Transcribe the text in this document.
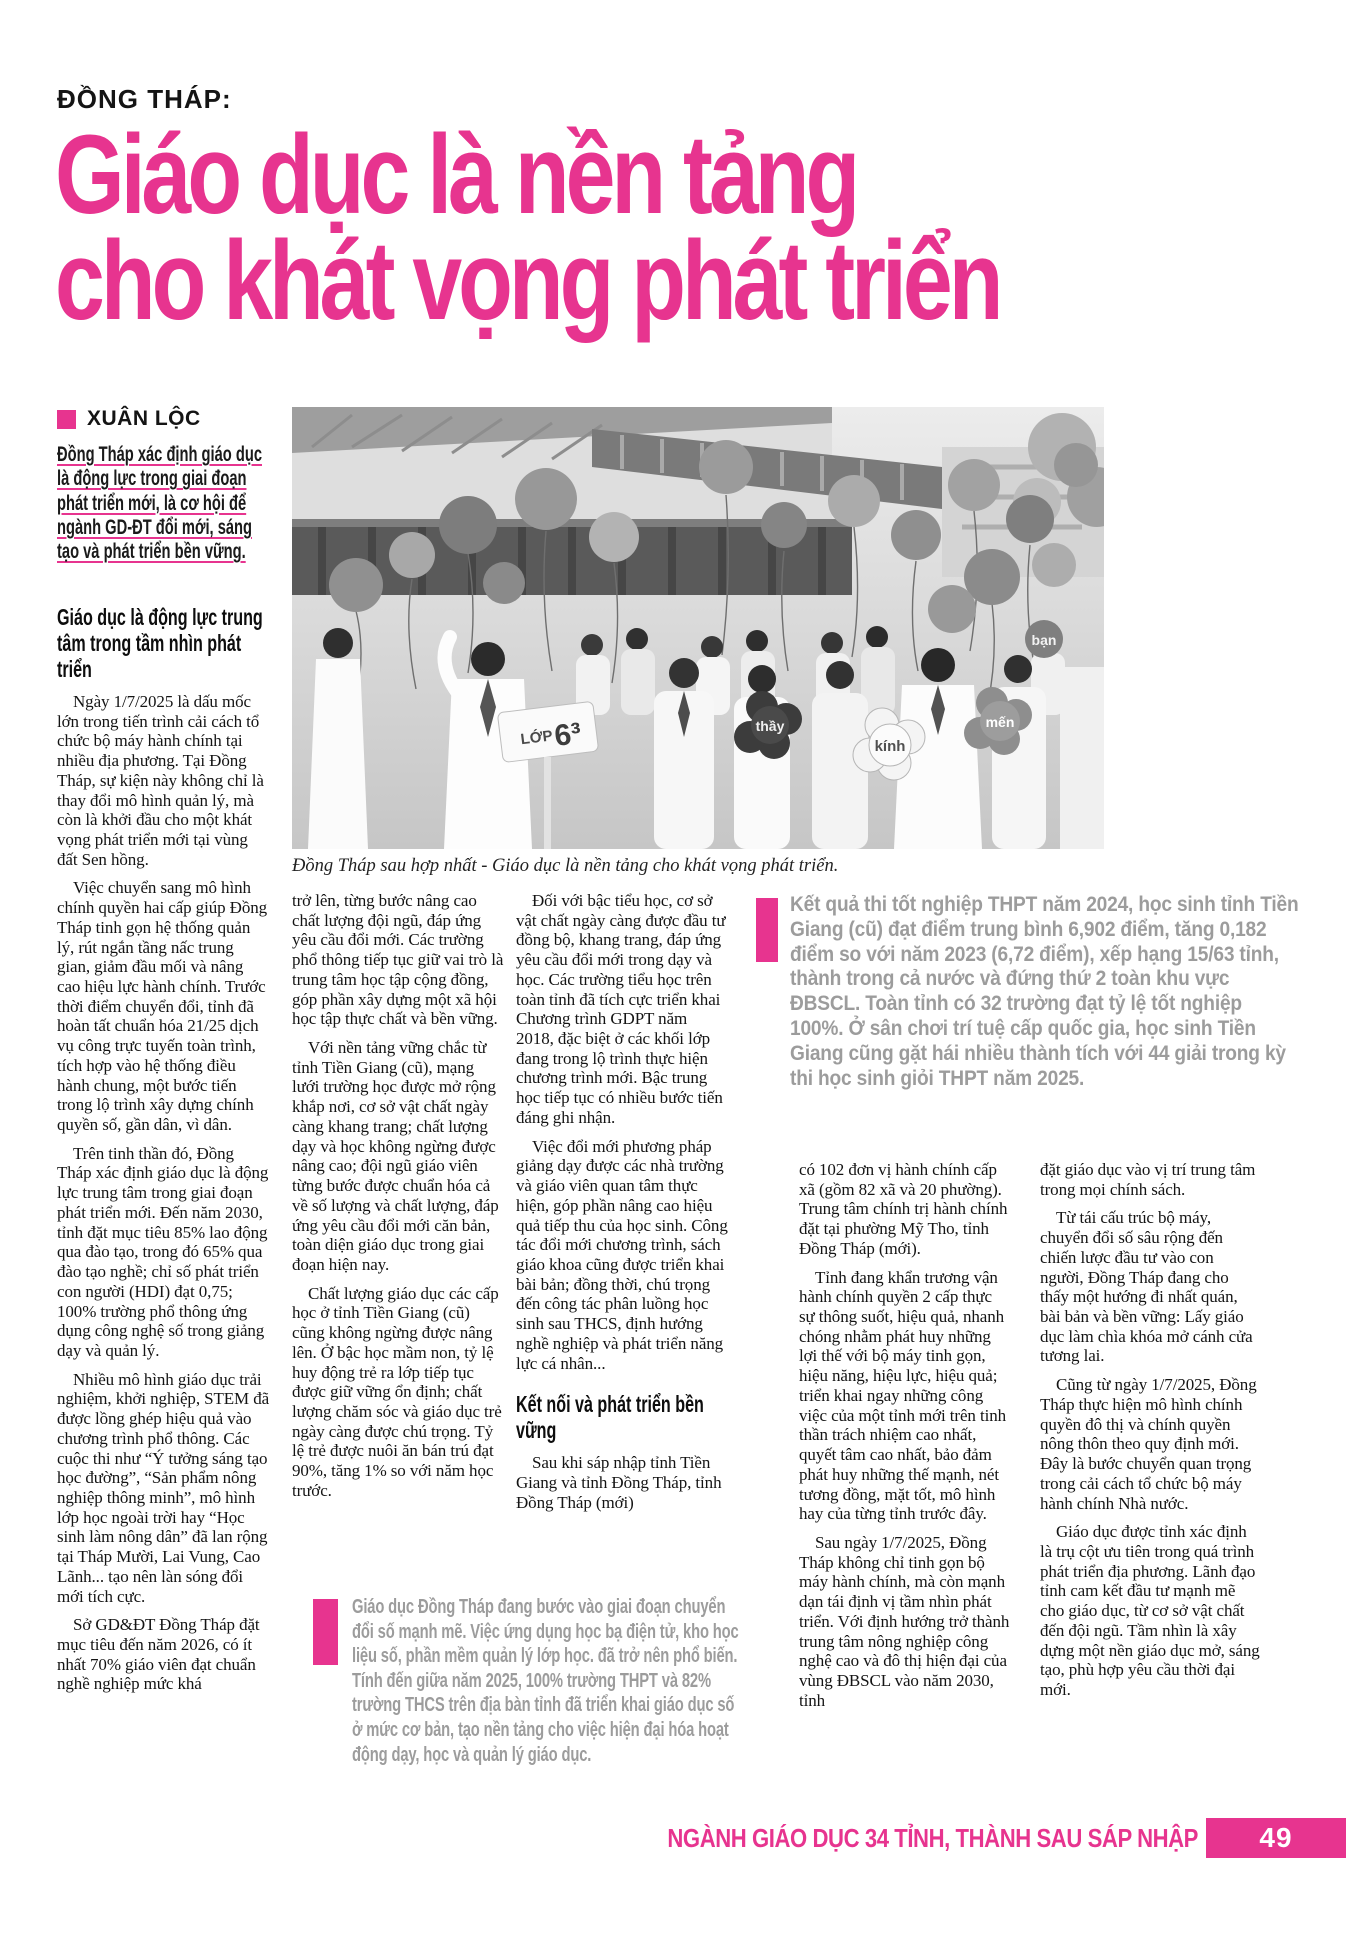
ĐỒNG THÁP:
Giáo dục là nền tảng
cho khát vọng phát triển
XUÂN LỘC
Đồng Tháp xác định giáo dục là động lực trong giai đoạn phát triển mới, là cơ hội để ngành GD-ĐT đổi mới, sáng tạo và phát triển bền vững.
Giáo dục là động lực trung tâm trong tầm nhìn phát triển

Ngày 1/7/2025 là dấu mốc lớn trong tiến trình cải cách tổ chức bộ máy hành chính tại nhiều địa phương. Tại Đồng Tháp, sự kiện này không chỉ là thay đổi mô hình quản lý, mà còn là khởi đầu cho một khát vọng phát triển mới tại vùng đất Sen hồng.

Việc chuyển sang mô hình chính quyền hai cấp giúp Đồng Tháp tinh gọn hệ thống quản lý, rút ngắn tầng nấc trung gian, giảm đầu mối và nâng cao hiệu lực hành chính. Trước thời điểm chuyển đổi, tỉnh đã hoàn tất chuẩn hóa 21/25 dịch vụ công trực tuyến toàn trình, tích hợp vào hệ thống điều hành chung, một bước tiến trong lộ trình xây dựng chính quyền số, gần dân, vì dân.

Trên tinh thần đó, Đồng Tháp xác định giáo dục là động lực trung tâm trong giai đoạn phát triển mới. Đến năm 2030, tỉnh đặt mục tiêu 85% lao động qua đào tạo, trong đó 65% qua đào tạo nghề; chỉ số phát triển con người (HDI) đạt 0,75; 100% trường phổ thông ứng dụng công nghệ số trong giảng dạy và quản lý.

Nhiều mô hình giáo dục trải nghiệm, khởi nghiệp, STEM đã được lồng ghép hiệu quả vào chương trình phổ thông. Các cuộc thi như “Ý tưởng sáng tạo học đường”, “Sản phẩm nông nghiệp thông minh”, mô hình lớp học ngoài trời hay “Học sinh làm nông dân” đã lan rộng tại Tháp Mười, Lai Vung, Cao Lãnh... tạo nên làn sóng đổi mới tích cực.

Sở GD&ĐT Đồng Tháp đặt mục tiêu đến năm 2026, có ít nhất 70% giáo viên đạt chuẩn nghề nghiệp mức khá

LỚP 6³	thầy
kính
mến
bạn
Đồng Tháp sau hợp nhất - Giáo dục là nền tảng cho khát vọng phát triển.

trở lên, từng bước nâng cao chất lượng đội ngũ, đáp ứng yêu cầu đổi mới. Các trường phổ thông tiếp tục giữ vai trò là trung tâm học tập cộng đồng, góp phần xây dựng một xã hội học tập thực chất và bền vững.

Với nền tảng vững chắc từ tỉnh Tiền Giang (cũ), mạng lưới trường học được mở rộng khắp nơi, cơ sở vật chất ngày càng khang trang; chất lượng dạy và học không ngừng được nâng cao; đội ngũ giáo viên từng bước được chuẩn hóa cả về số lượng và chất lượng, đáp ứng yêu cầu đổi mới căn bản, toàn diện giáo dục trong giai đoạn hiện nay.

Chất lượng giáo dục các cấp học ở tỉnh Tiền Giang (cũ) cũng không ngừng được nâng lên. Ở bậc học mầm non, tỷ lệ huy động trẻ ra lớp tiếp tục được giữ vững ổn định; chất lượng chăm sóc và giáo dục trẻ ngày càng được chú trọng. Tỷ lệ trẻ được nuôi ăn bán trú đạt 90%, tăng 1% so với năm học trước.

Đối với bậc tiểu học, cơ sở vật chất ngày càng được đầu tư đồng bộ, khang trang, đáp ứng yêu cầu đổi mới trong dạy và học. Các trường tiểu học trên toàn tỉnh đã tích cực triển khai Chương trình GDPT năm 2018, đặc biệt ở các khối lớp đang trong lộ trình thực hiện chương trình mới. Bậc trung học tiếp tục có nhiều bước tiến đáng ghi nhận.

Việc đổi mới phương pháp giảng dạy được các nhà trường và giáo viên quan tâm thực hiện, góp phần nâng cao hiệu quả tiếp thu của học sinh. Công tác đổi mới chương trình, sách giáo khoa cũng được triển khai bài bản; đồng thời, chú trọng đến công tác phân luồng học sinh sau THCS, định hướng nghề nghiệp và phát triển năng lực cá nhân...

Kết nối và phát triển bền vững

Sau khi sáp nhập tỉnh Tiền Giang và tỉnh Đồng Tháp, tỉnh Đồng Tháp (mới)

Kết quả thi tốt nghiệp THPT năm 2024, học sinh tỉnh Tiền Giang (cũ) đạt điểm trung bình 6,902 điểm, tăng 0,182 điểm so với năm 2023 (6,72 điểm), xếp hạng 15/63 tỉnh, thành trong cả nước và đứng thứ 2 toàn khu vực ĐBSCL. Toàn tỉnh có 32 trường đạt tỷ lệ tốt nghiệp 100%. Ở sân chơi trí tuệ cấp quốc gia, học sinh Tiền Giang cũng gặt hái nhiều thành tích với 44 giải trong kỳ thi học sinh giỏi THPT năm 2025.

có 102 đơn vị hành chính cấp xã (gồm 82 xã và 20 phường). Trung tâm chính trị hành chính đặt tại phường Mỹ Tho, tỉnh Đồng Tháp (mới).

Tỉnh đang khẩn trương vận hành chính quyền 2 cấp thực sự thông suốt, hiệu quả, nhanh chóng nhằm phát huy những lợi thế với bộ máy tinh gọn, hiệu năng, hiệu lực, hiệu quả; triển khai ngay những công việc của một tỉnh mới trên tinh thần trách nhiệm cao nhất, quyết tâm cao nhất, bảo đảm phát huy những thế mạnh, nét tương đồng, mặt tốt, mô hình hay của từng tỉnh trước đây.

Sau ngày 1/7/2025, Đồng Tháp không chỉ tinh gọn bộ máy hành chính, mà còn mạnh dạn tái định vị tầm nhìn phát triển. Với định hướng trở thành trung tâm nông nghiệp công nghệ cao và đô thị hiện đại của vùng ĐBSCL vào năm 2030, tỉnh

đặt giáo dục vào vị trí trung tâm trong mọi chính sách.

Từ tái cấu trúc bộ máy, chuyển đổi số sâu rộng đến chiến lược đầu tư vào con người, Đồng Tháp đang cho thấy một hướng đi nhất quán, bài bản và bền vững: Lấy giáo dục làm chìa khóa mở cánh cửa tương lai.

Cũng từ ngày 1/7/2025, Đồng Tháp thực hiện mô hình chính quyền đô thị và chính quyền nông thôn theo quy định mới. Đây là bước chuyển quan trọng trong cải cách tổ chức bộ máy hành chính Nhà nước.

Giáo dục được tỉnh xác định là trụ cột ưu tiên trong quá trình phát triển địa phương. Lãnh đạo tỉnh cam kết đầu tư mạnh mẽ cho giáo dục, từ cơ sở vật chất đến đội ngũ. Tầm nhìn là xây dựng một nền giáo dục mở, sáng tạo, phù hợp yêu cầu thời đại mới.

Giáo dục Đồng Tháp đang bước vào giai đoạn chuyển đổi số mạnh mẽ. Việc ứng dụng học bạ điện tử, kho học liệu số, phần mềm quản lý lớp học. đã trở nên phổ biến. Tính đến giữa năm 2025, 100% trường THPT và 82% trường THCS trên địa bàn tỉnh đã triển khai giáo dục số ở mức cơ bản, tạo nền tảng cho việc hiện đại hóa hoạt động dạy, học và quản lý giáo dục.
NGÀNH GIÁO DỤC 34 TỈNH, THÀNH SAU SÁP NHẬP 49
